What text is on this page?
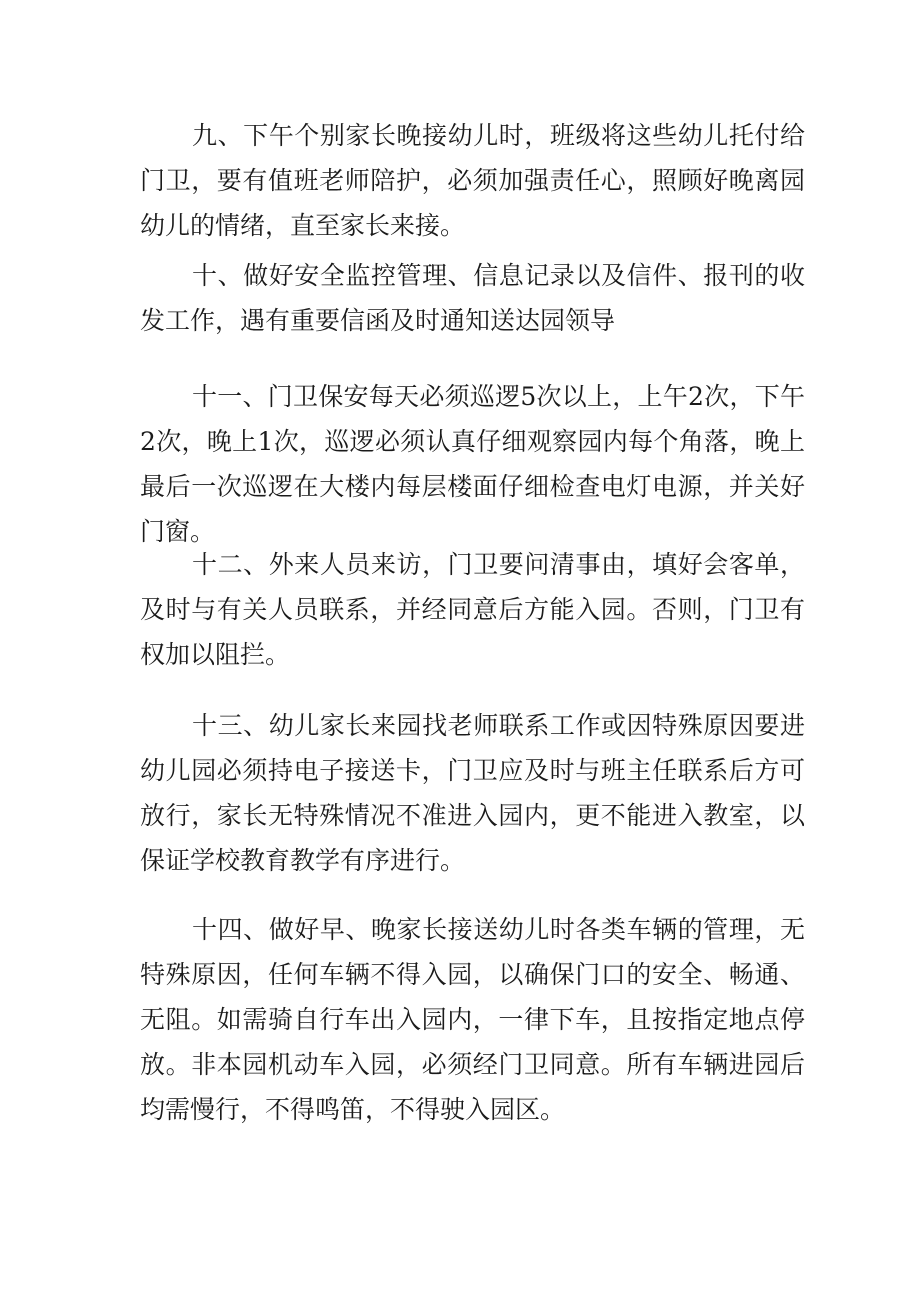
九、下午个别家长晚接幼儿时，班级将这些幼儿托付给门卫，要有值班老师陪护，必须加强责任心，照顾好晚离园幼儿的情绪，直至家长来接。

十、做好安全监控管理、信息记录以及信件、报刊的收发工作，遇有重要信函及时通知送达园领导

十一、门卫保安每天必须巡逻5次以上，上午2次，下午2次，晚上1次，巡逻必须认真仔细观察园内每个角落，晚上最后一次巡逻在大楼内每层楼面仔细检查电灯电源，并关好门窗。

十二、外来人员来访，门卫要问清事由，填好会客单，及时与有关人员联系，并经同意后方能入园。否则，门卫有权加以阻拦。

十三、幼儿家长来园找老师联系工作或因特殊原因要进幼儿园必须持电子接送卡，门卫应及时与班主任联系后方可放行，家长无特殊情况不准进入园内，更不能进入教室，以保证学校教育教学有序进行。

十四、做好早、晚家长接送幼儿时各类车辆的管理，无特殊原因，任何车辆不得入园，以确保门口的安全、畅通、无阻。如需骑自行车出入园内，一律下车，且按指定地点停放。非本园机动车入园，必须经门卫同意。所有车辆进园后均需慢行，不得鸣笛，不得驶入园区。
